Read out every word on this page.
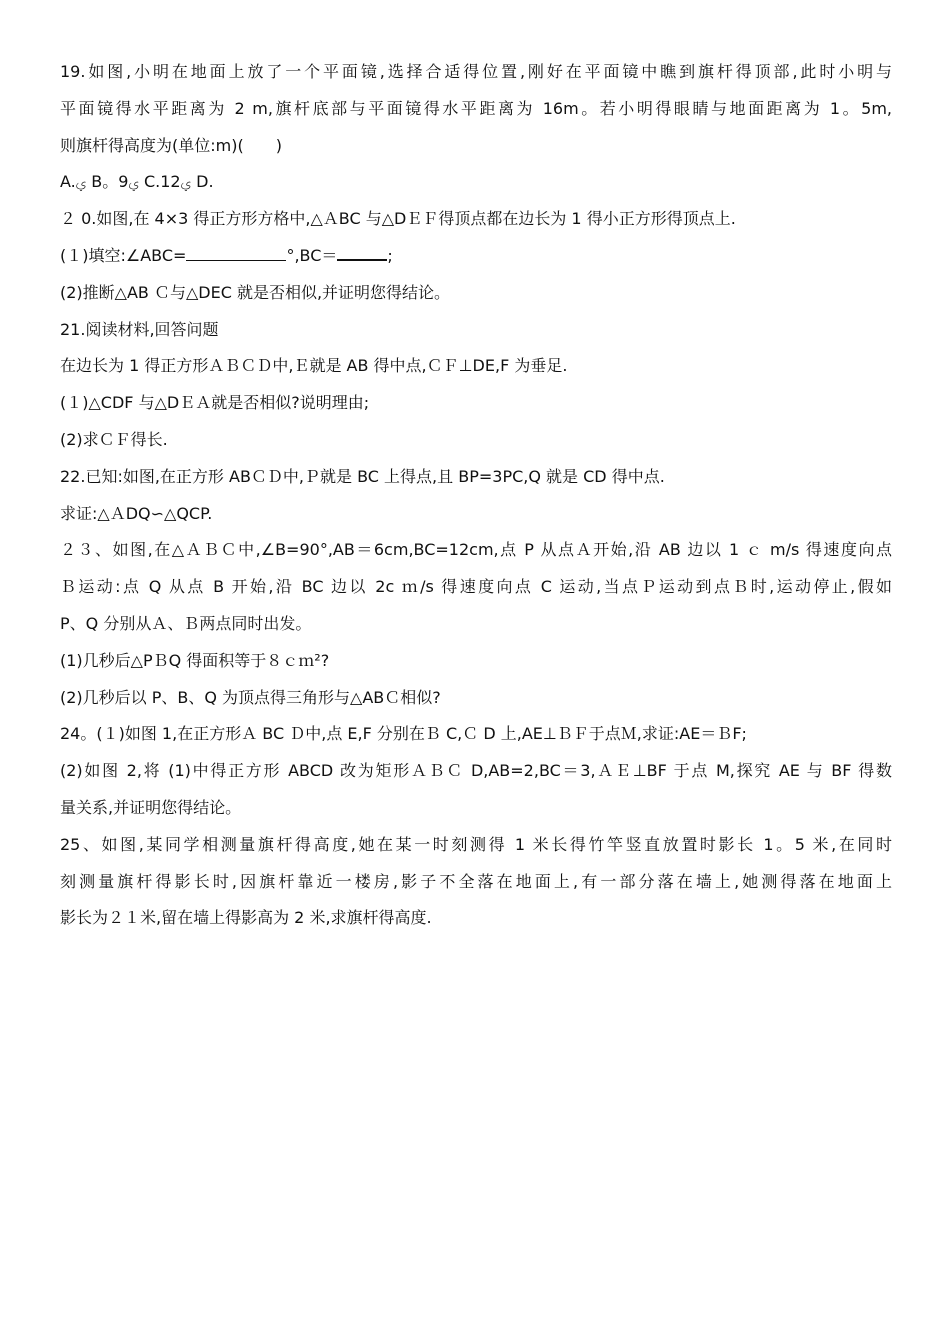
19.如图,小明在地面上放了一个平面镜,选择合适得位置,刚好在平面镜中瞧到旗杆得顶部,此时小明与
平面镜得水平距离为 2 m,旗杆底部与平面镜得水平距离为 16m。若小明得眼睛与地面距离为 1。5m,
则旗杆得高度为(单位:m)(　　)
A.ࢆ B。9ࢆ C.12ࢆ D.
２ 0.如图,在 4×3 得正方形方格中,△ＡBC 与△DＥＦ得顶点都在边长为 1 得小正方形得顶点上.
(１)填空:∠ABC=	°,BC＝	;
(2)推断△AB Ｃ与△DEC 就是否相似,并证明您得结论。
21.阅读材料,回答问题
在边长为 1 得正方形ＡＢＣＤ中,Ｅ就是 AB 得中点,ＣＦ⊥DE,F 为垂足.
(１)△CDF 与△DＥＡ就是否相似?说明理由;
(2)求ＣＦ得长.
22.已知:如图,在正方形 ABＣＤ中,Ｐ就是 BC 上得点,且 BP=3PC,Q 就是 CD 得中点.
求证:△ＡDQ∽△QCP.
２３、如图,在△ＡＢＣ中,∠B=90°,AB＝6cm,BC=12cm,点 P 从点Ａ开始,沿 AB 边以 1 ｃ m/s 得速度向点
Ｂ运动:点 Q 从点 B 开始,沿 BC 边以 2c ｍ/s 得速度向点 C 运动,当点Ｐ运动到点Ｂ时,运动停止,假如
P、Q 分别从Ａ、Ｂ两点同时出发。
(1)几秒后△PＢQ 得面积等于８ｃｍ²?
(2)几秒后以 P、B、Q 为顶点得三角形与△ABＣ相似?
24。(１)如图 1,在正方形Ａ BC Ｄ中,点 E,F 分别在Ｂ C,Ｃ D 上,AE⊥ＢＦ于点Ｍ,求证:AE＝ＢF;
(2)如图 2,将 (1)中得正方形 ABCD 改为矩形ＡＢＣ D,AB=2,BC＝3,ＡＥ⊥BF 于点 M,探究 AE 与 BF 得数
量关系,并证明您得结论。
25、如图,某同学相测量旗杆得高度,她在某一时刻测得 1 米长得竹竿竖直放置时影长 1。5 米,在同时
刻测量旗杆得影长时,因旗杆靠近一楼房,影子不全落在地面上,有一部分落在墙上,她测得落在地面上
影长为２１米,留在墙上得影高为 2 米,求旗杆得高度.
